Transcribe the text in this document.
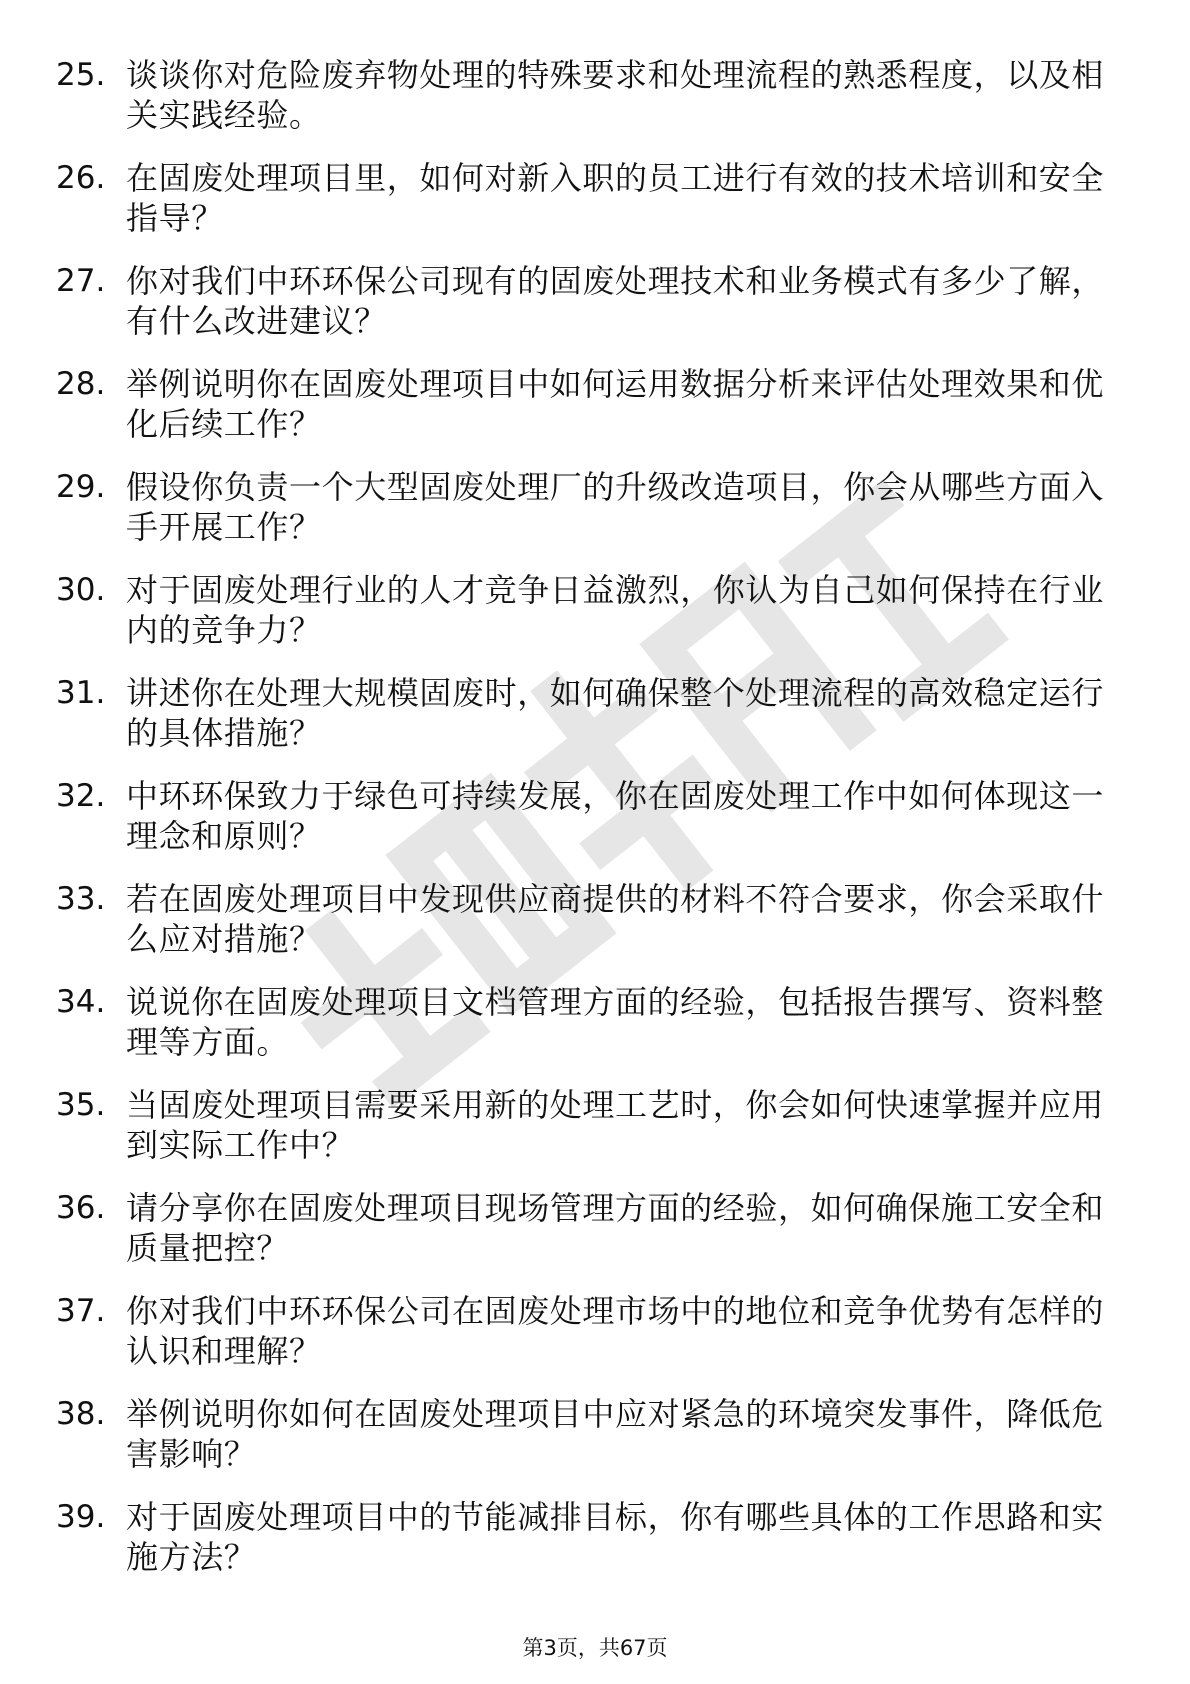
25. 谈谈你对危险废弃物处理的特殊要求和处理流程的熟悉程度，以及相关实践经验。
26. 在固废处理项目里，如何对新入职的员工进行有效的技术培训和安全指导？
27. 你对我们中环环保公司现有的固废处理技术和业务模式有多少了解，有什么改进建议？
28. 举例说明你在固废处理项目中如何运用数据分析来评估处理效果和优化后续工作？
29. 假设你负责一个大型固废处理厂的升级改造项目，你会从哪些方面入手开展工作？
30. 对于固废处理行业的人才竞争日益激烈，你认为自己如何保持在行业内的竞争力？
31. 讲述你在处理大规模固废时，如何确保整个处理流程的高效稳定运行的具体措施？
32. 中环环保致力于绿色可持续发展，你在固废处理工作中如何体现这一理念和原则？
33. 若在固废处理项目中发现供应商提供的材料不符合要求，你会采取什么应对措施？
34. 说说你在固废处理项目文档管理方面的经验，包括报告撰写、资料整理等方面。
35. 当固废处理项目需要采用新的处理工艺时，你会如何快速掌握并应用到实际工作中？
36. 请分享你在固废处理项目现场管理方面的经验，如何确保施工安全和质量把控？
37. 你对我们中环环保公司在固废处理市场中的地位和竞争优势有怎样的认识和理解？
38. 举例说明你如何在固废处理项目中应对紧急的环境突发事件，降低危害影响？
39. 对于固废处理项目中的节能减排目标，你有哪些具体的工作思路和实施方法？
第3页，共67页
